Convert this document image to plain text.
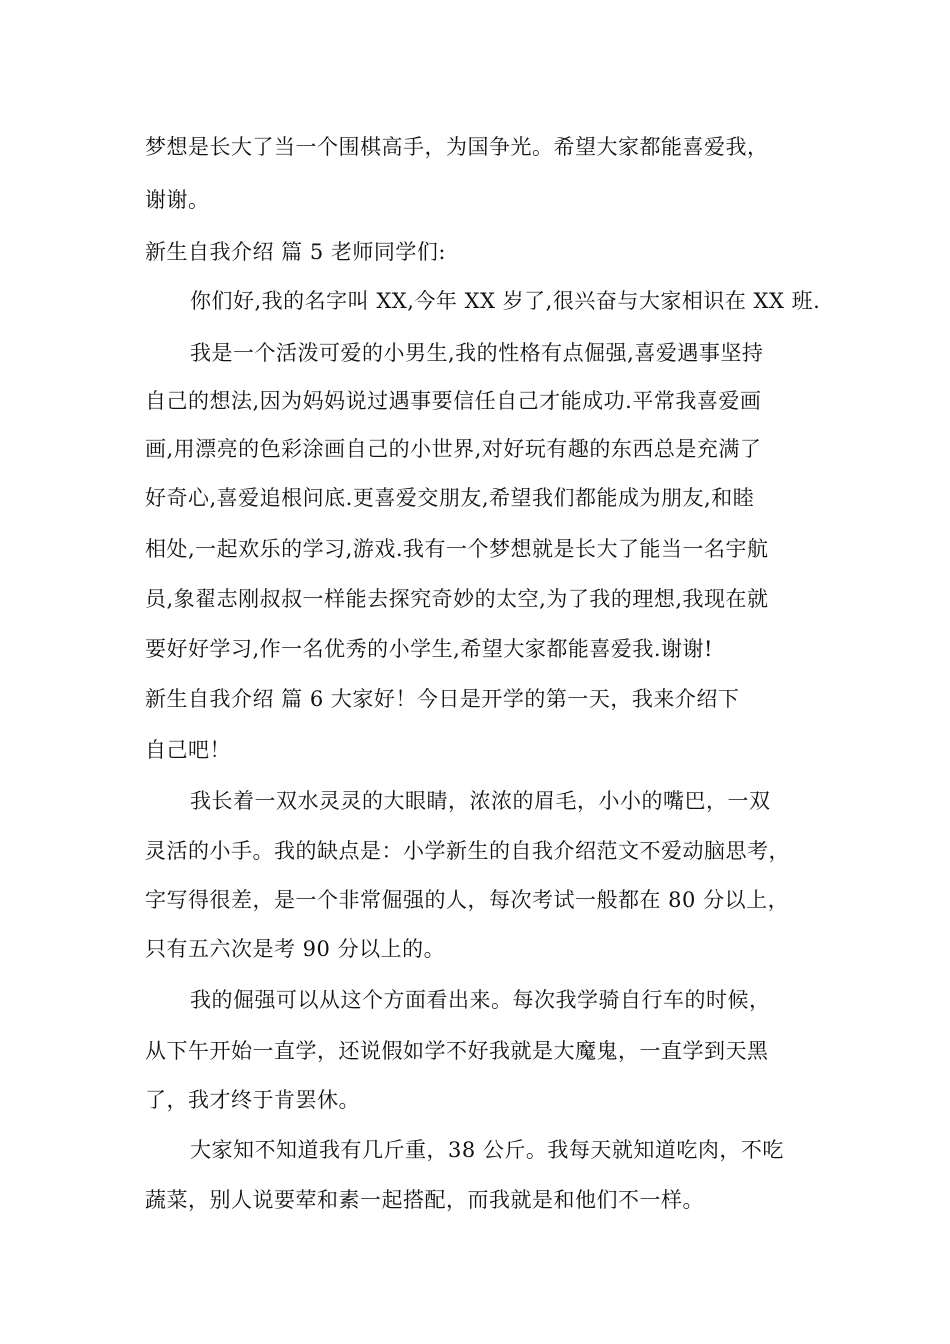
梦想是长大了当一个围棋高手，为国争光。希望大家都能喜爱我，
谢谢。
新生自我介绍 篇 5 老师同学们:
你们好,我的名字叫 XX,今年 XX 岁了,很兴奋与大家相识在 XX 班.
我是一个活泼可爱的小男生,我的性格有点倔强,喜爱遇事坚持
自己的想法,因为妈妈说过遇事要信任自己才能成功.平常我喜爱画
画,用漂亮的色彩涂画自己的小世界,对好玩有趣的东西总是充满了
好奇心,喜爱追根问底.更喜爱交朋友,希望我们都能成为朋友,和睦
相处,一起欢乐的学习,游戏.我有一个梦想就是长大了能当一名宇航
员,象翟志刚叔叔一样能去探究奇妙的太空,为了我的理想,我现在就
要好好学习,作一名优秀的小学生,希望大家都能喜爱我.谢谢!
新生自我介绍 篇 6 大家好！今日是开学的第一天，我来介绍下
自己吧！
我长着一双水灵灵的大眼睛，浓浓的眉毛，小小的嘴巴，一双
灵活的小手。我的缺点是：小学新生的自我介绍范文不爱动脑思考，
字写得很差，是一个非常倔强的人，每次考试一般都在 80 分以上，
只有五六次是考 90 分以上的。
我的倔强可以从这个方面看出来。每次我学骑自行车的时候，
从下午开始一直学，还说假如学不好我就是大魔鬼，一直学到天黑
了，我才终于肯罢休。
大家知不知道我有几斤重，38 公斤。我每天就知道吃肉，不吃
蔬菜，别人说要荤和素一起搭配，而我就是和他们不一样。
